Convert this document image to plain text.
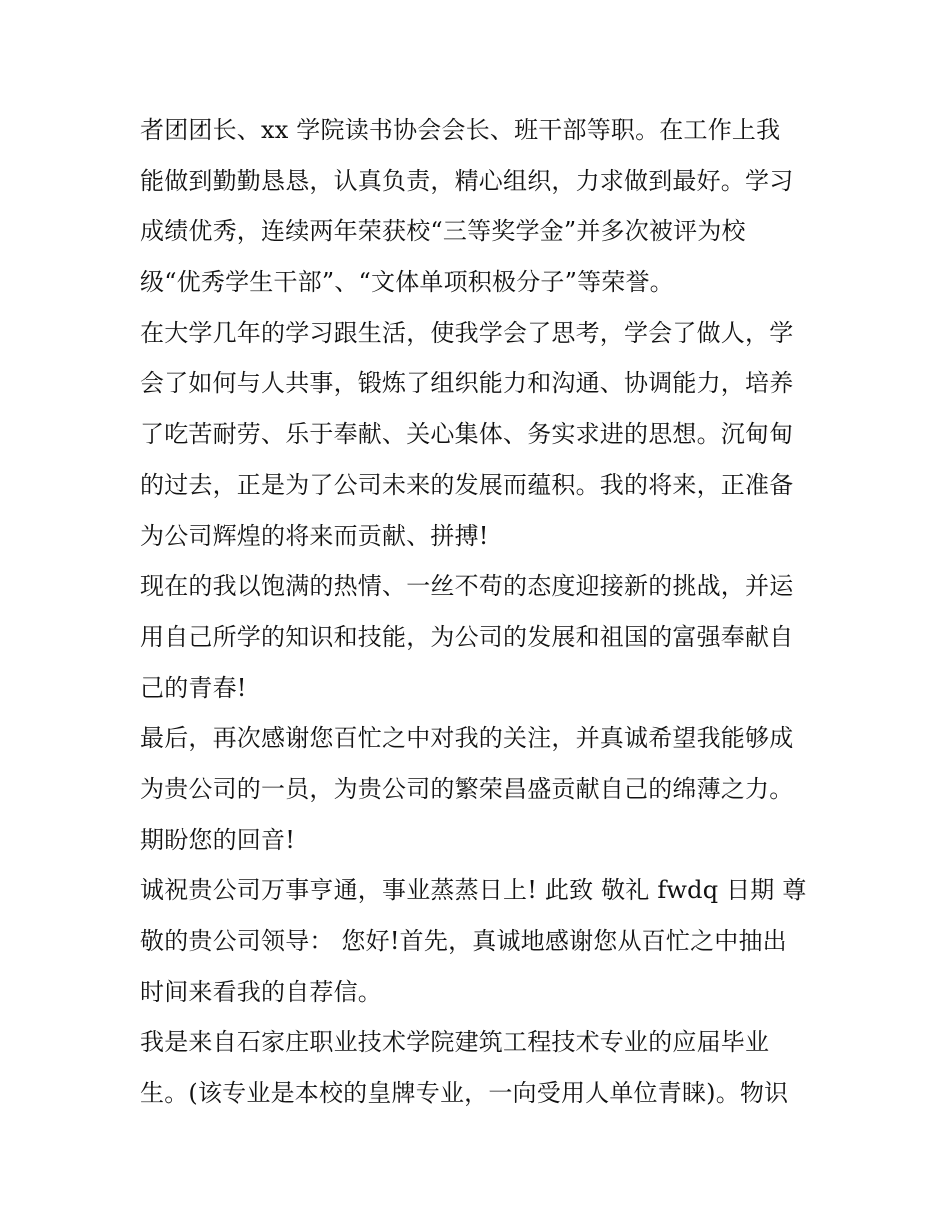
者团团长、xx 学院读书协会会长、班干部等职。在工作上我
能做到勤勤恳恳，认真负责，精心组织，力求做到最好。学习
成绩优秀，连续两年荣获校“三等奖学金”并多次被评为校
级“优秀学生干部”、“文体单项积极分子”等荣誉。
在大学几年的学习跟生活，使我学会了思考，学会了做人，学
会了如何与人共事，锻炼了组织能力和沟通、协调能力，培养
了吃苦耐劳、乐于奉献、关心集体、务实求进的思想。沉甸甸
的过去，正是为了公司未来的发展而蕴积。我的将来，正准备
为公司辉煌的将来而贡献、拼搏!
现在的我以饱满的热情、一丝不苟的态度迎接新的挑战，并运
用自己所学的知识和技能，为公司的发展和祖国的富强奉献自
己的青春!
最后，再次感谢您百忙之中对我的关注，并真诚希望我能够成
为贵公司的一员，为贵公司的繁荣昌盛贡献自己的绵薄之力。
期盼您的回音!
诚祝贵公司万事亨通，事业蒸蒸日上! 此致 敬礼 fwdq 日期 尊
敬的贵公司领导： 您好!首先，真诚地感谢您从百忙之中抽出
时间来看我的自荐信。
我是来自石家庄职业技术学院建筑工程技术专业的应届毕业
生。(该专业是本校的皇牌专业，一向受用人单位青睐)。物识
